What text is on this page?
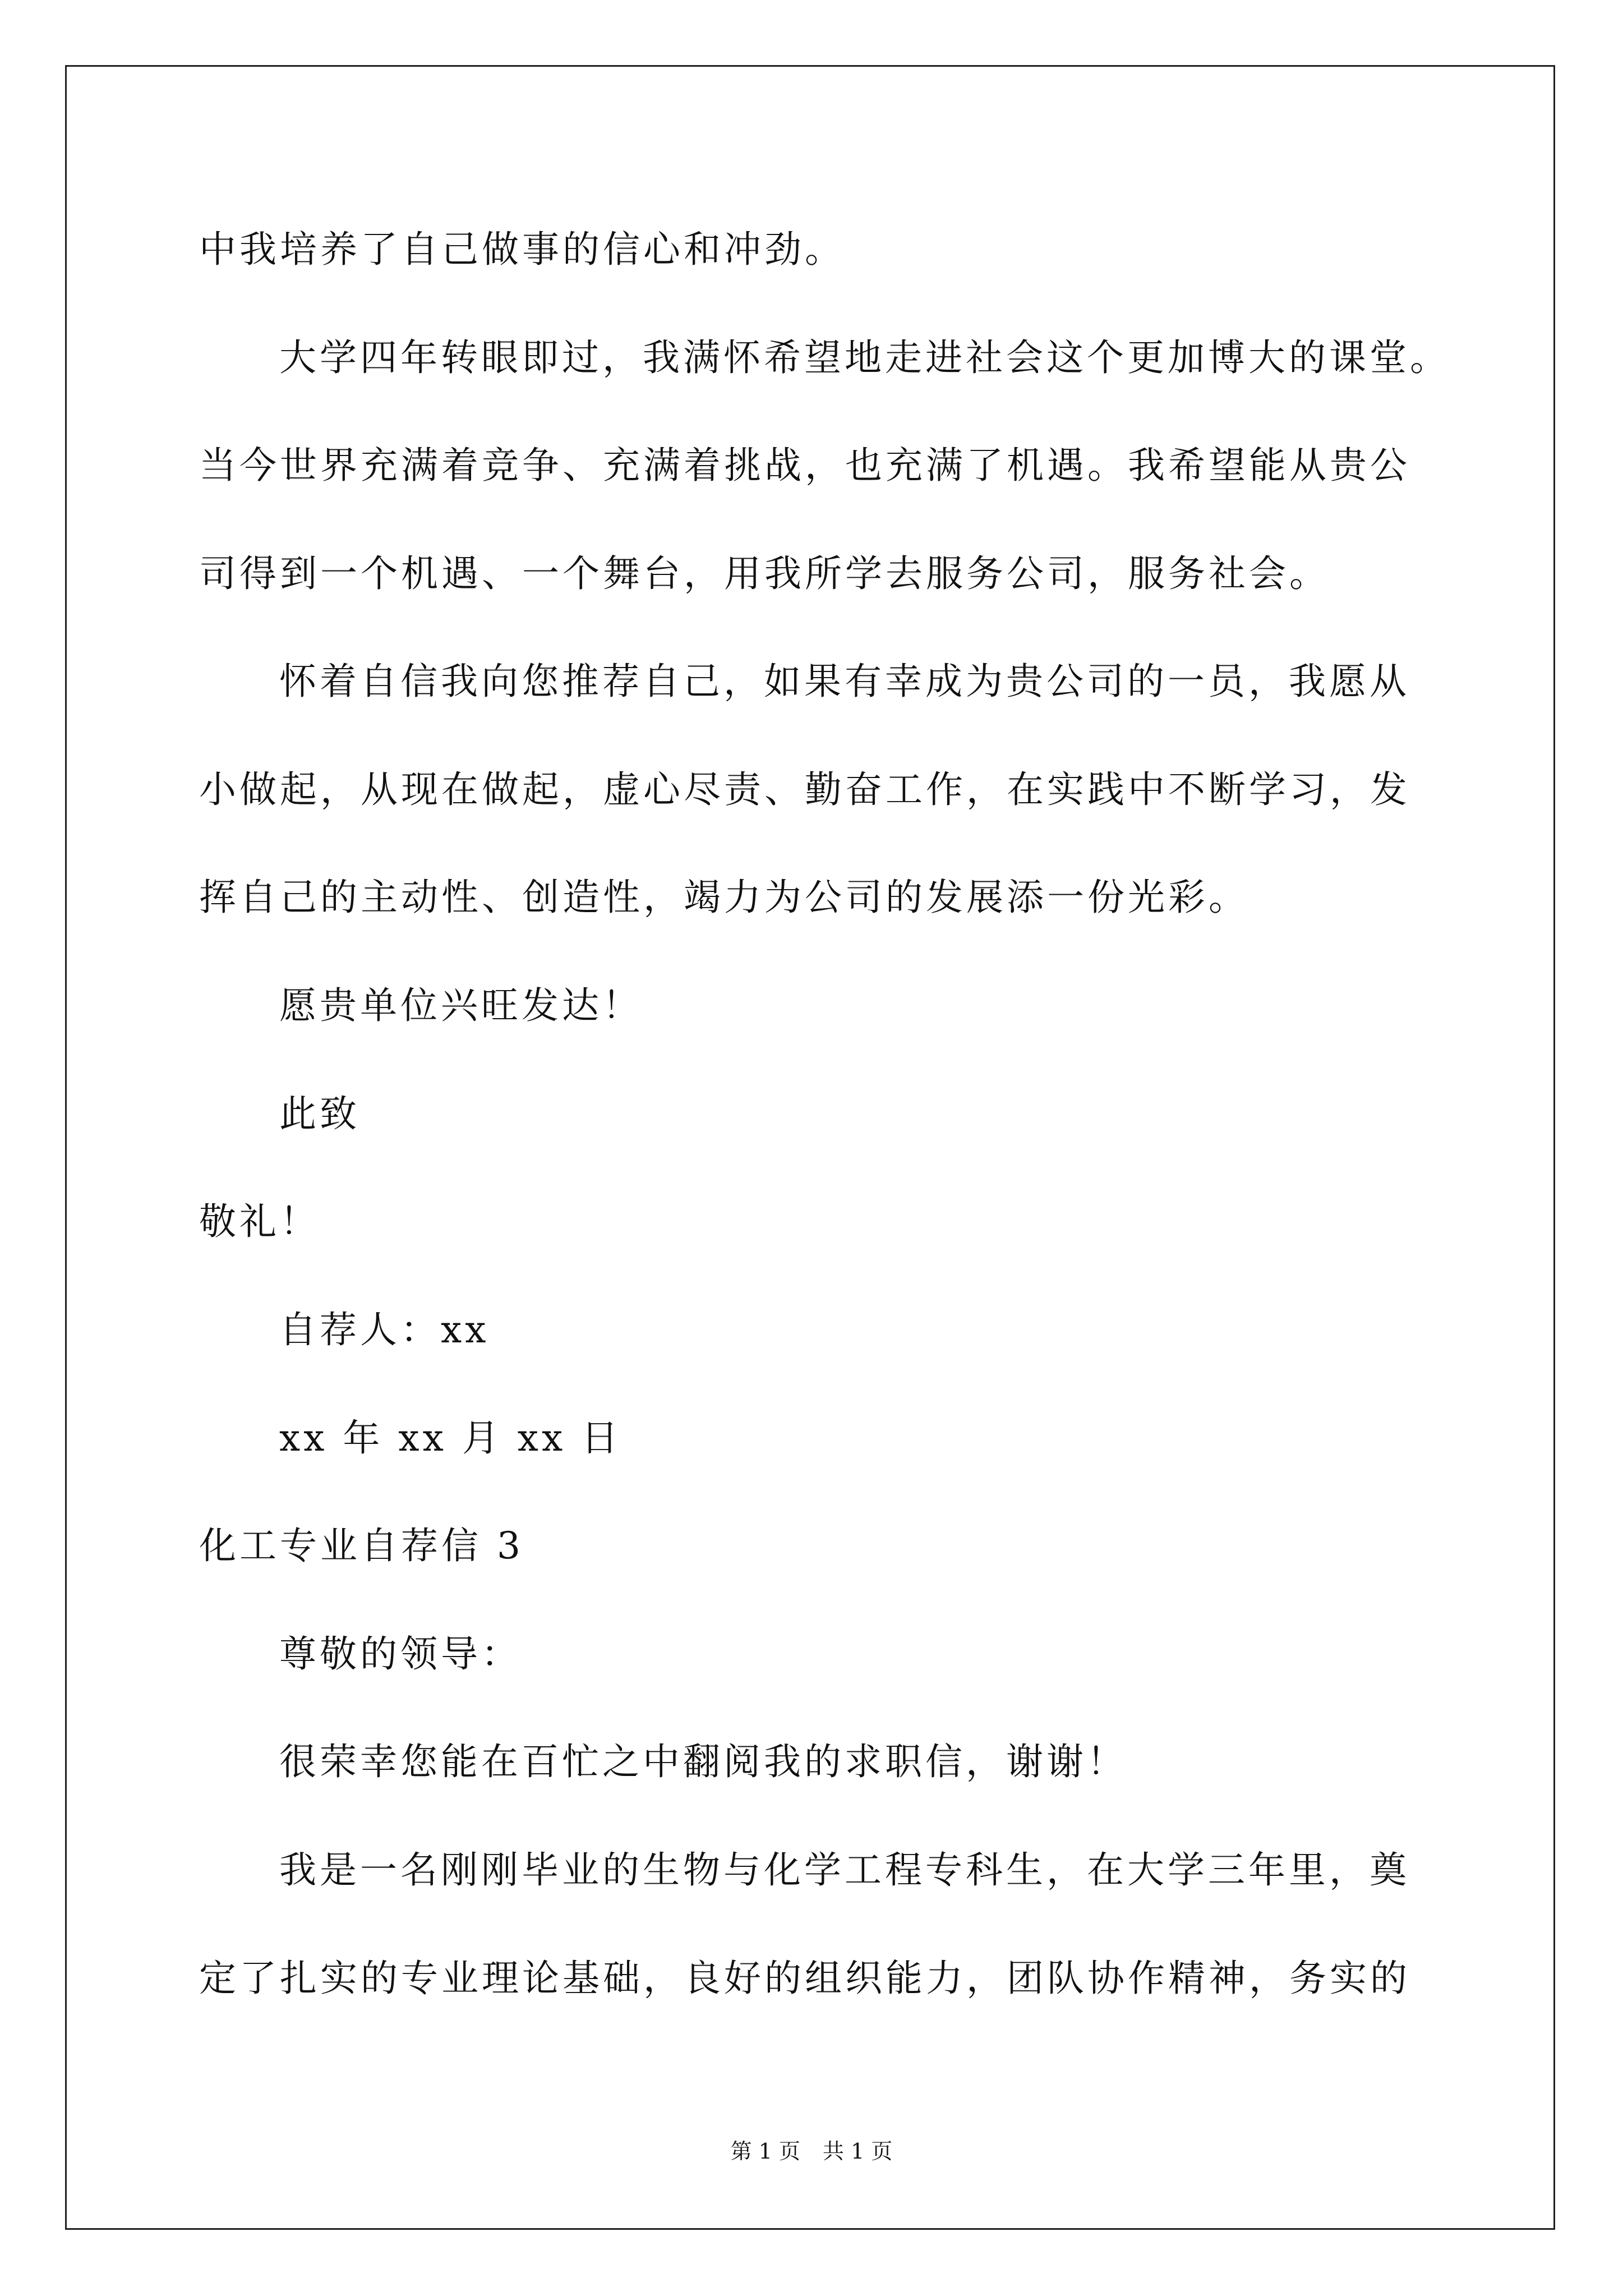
中我培养了自己做事的信心和冲劲。
大学四年转眼即过，我满怀希望地走进社会这个更加博大的课堂。
当今世界充满着竞争、充满着挑战，也充满了机遇。我希望能从贵公
司得到一个机遇、一个舞台，用我所学去服务公司，服务社会。
怀着自信我向您推荐自己，如果有幸成为贵公司的一员，我愿从
小做起，从现在做起，虚心尽责、勤奋工作，在实践中不断学习，发
挥自己的主动性、创造性，竭力为公司的发展添一份光彩。
愿贵单位兴旺发达！
此致
敬礼！
自荐人：xx
xx 年 xx 月 xx 日
化工专业自荐信 3
尊敬的领导：
很荣幸您能在百忙之中翻阅我的求职信，谢谢！
我是一名刚刚毕业的生物与化学工程专科生，在大学三年里，奠
定了扎实的专业理论基础，良好的组织能力，团队协作精神，务实的
第 1 页 共 1 页
